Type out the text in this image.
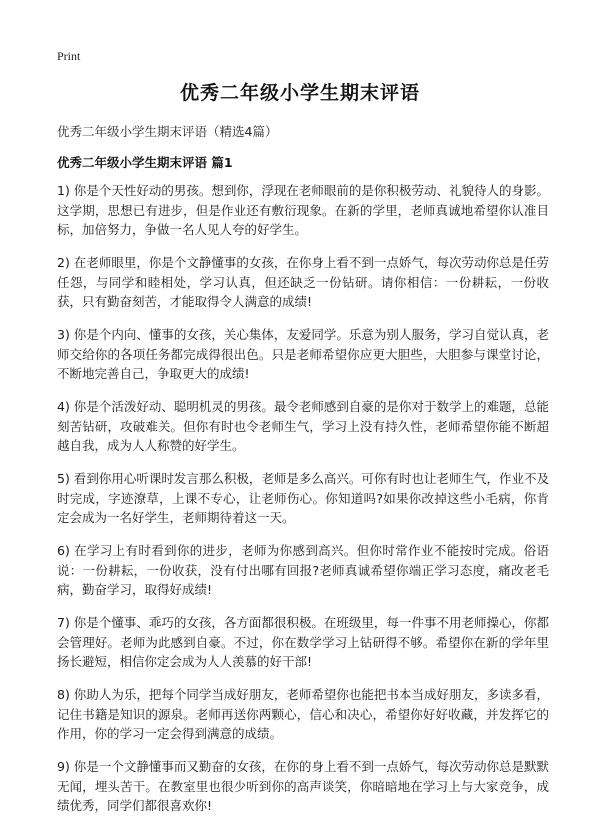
Print
优秀二年级小学生期末评语
优秀二年级小学生期末评语（精选4篇）
优秀二年级小学生期末评语 篇1

1) 你是个天性好动的男孩。想到你，浮现在老师眼前的是你积极劳动、礼貌待人的身影。这学期，思想已有进步，但是作业还有敷衍现象。在新的学里，老师真诚地希望你认准目标，加倍努力，争做一名人见人夸的好学生。

2) 在老师眼里，你是个文静懂事的女孩，在你身上看不到一点娇气，每次劳动你总是任劳任怨，与同学和睦相处，学习认真，但还缺乏一份钻研。请你相信：一份耕耘，一份收获，只有勤奋刻苦，才能取得令人满意的成绩!

3) 你是个内向、懂事的女孩，关心集体，友爱同学。乐意为别人服务，学习自觉认真，老师交给你的各项任务都完成得很出色。只是老师希望你应更大胆些，大胆参与课堂讨论，不断地完善自己，争取更大的成绩!

4) 你是个活泼好动、聪明机灵的男孩。最令老师感到自豪的是你对于数学上的难题，总能刻苦钻研，攻破难关。但你有时也令老师生气，学习上没有持久性，老师希望你能不断超越自我，成为人人称赞的好学生。

5) 看到你用心听课时发言那么积极，老师是多么高兴。可你有时也让老师生气，作业不及时完成，字迹潦草，上课不专心，让老师伤心。你知道吗?如果你改掉这些小毛病，你肯定会成为一名好学生，老师期待着这一天。

6) 在学习上有时看到你的进步，老师为你感到高兴。但你时常作业不能按时完成。俗语说：一份耕耘，一份收获，没有付出哪有回报?老师真诚希望你端正学习态度，痛改老毛病，勤奋学习，取得好成绩!

7) 你是个懂事、乖巧的女孩，各方面都很积极。在班级里，每一件事不用老师操心，你都会管理好。老师为此感到自豪。不过，你在数学学习上钻研得不够。希望你在新的学年里扬长避短，相信你定会成为人人羡慕的好干部!

8) 你助人为乐，把每个同学当成好朋友，老师希望你也能把书本当成好朋友，多读多看，记住书籍是知识的源泉。老师再送你两颗心，信心和决心，希望你好好收藏，并发挥它的作用，你的学习一定会得到满意的成绩。

9) 你是一个文静懂事而又勤奋的女孩，在你的身上看不到一点娇气，每次劳动你总是默默无闻，埋头苦干。在教室里也很少听到你的高声谈笑，你暗暗地在学习上与大家竞争，成绩优秀，同学们都很喜欢你!
